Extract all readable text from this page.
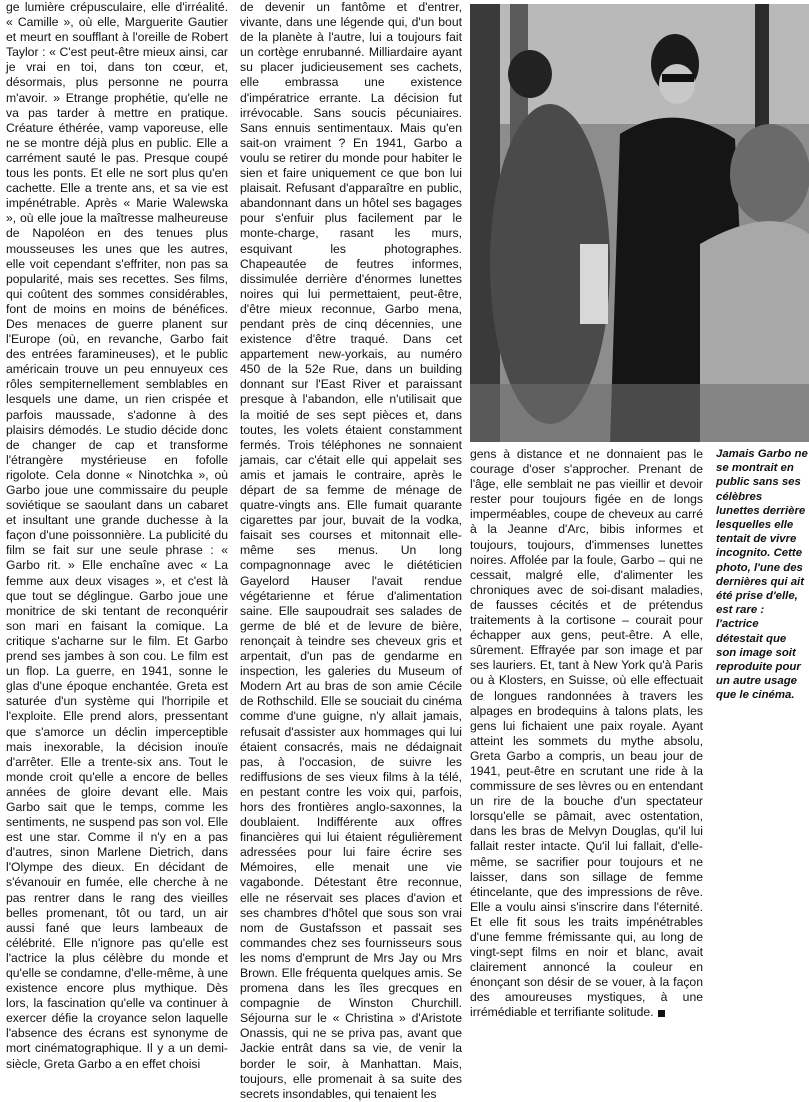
ge lumière crépusculaire, elle d'irréalité. « Camille », où elle, Marguerite Gautier et meurt en soufflant à l'oreille de Robert Taylor : « C'est peut-être mieux ainsi, car je vrai en toi, dans ton cœur, et, désormais, plus personne ne pourra m'avoir. » Etrange prophétie, qu'elle ne va pas tarder à mettre en pratique. Créature éthérée, vamp vaporeuse, elle ne se montre déjà plus en public. Elle a carrément sauté le pas. Presque coupé tous les ponts. Et elle ne sort plus qu'en cachette. Elle a trente ans, et sa vie est impénétrable. Après « Marie Walewska », où elle joue la maîtresse malheureuse de Napoléon en des tenues plus mousseuses les unes que les autres, elle voit cependant s'effriter, non pas sa popularité, mais ses recettes. Ses films, qui coûtent des sommes considérables, font de moins en moins de bénéfices. Des menaces de guerre planent sur l'Europe (où, en revanche, Garbo fait des entrées faramineuses), et le public américain trouve un peu ennuyeux ces rôles sempiternellement semblables en lesquels une dame, un rien crispée et parfois maussade, s'adonne à des plaisirs démodés. Le studio décide donc de changer de cap et transforme l'étrangère mystérieuse en fofolle rigolote. Cela donne « Ninotchka », où Garbo joue une commissaire du peuple soviétique se saoulant dans un cabaret et insultant une grande duchesse à la façon d'une poissonnière. La publicité du film se fait sur une seule phrase : « Garbo rit. » Elle enchaîne avec « La femme aux deux visages », et c'est là que tout se déglingue. Garbo joue une monitrice de ski tentant de reconquérir son mari en faisant la comique. La critique s'acharne sur le film. Et Garbo prend ses jambes à son cou. Le film est un flop. La guerre, en 1941, sonne le glas d'une époque enchantée. Greta est saturée d'un système qui l'horripile et l'exploite. Elle prend alors, pressentant que s'amorce un déclin imperceptible mais inexorable, la décision inouïe d'arrêter. Elle a trente-six ans. Tout le monde croit qu'elle a encore de belles années de gloire devant elle. Mais Garbo sait que le temps, comme les sentiments, ne suspend pas son vol. Elle est une star. Comme il n'y en a pas d'autres, sinon Marlene Dietrich, dans l'Olympe des dieux. En décidant de s'évanouir en fumée, elle cherche à ne pas rentrer dans le rang des vieilles belles promenant, tôt ou tard, un air aussi fané que leurs lambeaux de célébrité. Elle n'ignore pas qu'elle est l'actrice la plus célèbre du monde et qu'elle se condamne, d'elle-même, à une existence encore plus mythique. Dès lors, la fascination qu'elle va continuer à exercer défie la croyance selon laquelle l'absence des écrans est synonyme de mort cinématographique. Il y a un demi-siècle, Greta Garbo a en effet choisi

de devenir un fantôme et d'entrer, vivante, dans une légende qui, d'un bout de la planète à l'autre, lui a toujours fait un cortège enrubanné. Milliardaire ayant su placer judicieusement ses cachets, elle embrassa une existence d'impératrice errante. La décision fut irrévocable. Sans soucis pécuniaires. Sans ennuis sentimentaux. Mais qu'en sait-on vraiment ? En 1941, Garbo a voulu se retirer du monde pour habiter le sien et faire uniquement ce que bon lui plaisait. Refusant d'apparaître en public, abandonnant dans un hôtel ses bagages pour s'enfuir plus facilement par le monte-charge, rasant les murs, esquivant les photographes. Chapeautée de feutres informes, dissimulée derrière d'énormes lunettes noires qui lui permettaient, peut-être, d'être mieux reconnue, Garbo mena, pendant près de cinq décennies, une existence d'être traqué. Dans cet appartement new-yorkais, au numéro 450 de la 52e Rue, dans un building donnant sur l'East River et paraissant presque à l'abandon, elle n'utilisait que la moitié de ses sept pièces et, dans toutes, les volets étaient constamment fermés. Trois téléphones ne sonnaient jamais, car c'était elle qui appelait ses amis et jamais le contraire, après le départ de sa femme de ménage de quatre-vingts ans. Elle fumait quarante cigarettes par jour, buvait de la vodka, faisait ses courses et mitonnait elle-même ses menus. Un long compagnonnage avec le diététicien Gayelord Hauser l'avait rendue végétarienne et férue d'alimentation saine. Elle saupoudrait ses salades de germe de blé et de levure de bière, renonçait à teindre ses cheveux gris et arpentait, d'un pas de gendarme en inspection, les galeries du Museum of Modern Art au bras de son amie Cécile de Rothschild. Elle se souciait du cinéma comme d'une guigne, n'y allait jamais, refusait d'assister aux hommages qui lui étaient consacrés, mais ne dédaignait pas, à l'occasion, de suivre les rediffusions de ses vieux films à la télé, en pestant contre les voix qui, parfois, hors des frontières anglo-saxonnes, la doublaient. Indifférente aux offres financières qui lui étaient régulièrement adressées pour lui faire écrire ses Mémoires, elle menait une vie vagabonde. Détestant être reconnue, elle ne réservait ses places d'avion et ses chambres d'hôtel que sous son vrai nom de Gustafsson et passait ses commandes chez ses fournisseurs sous les noms d'emprunt de Mrs Jay ou Mrs Brown. Elle fréquenta quelques amis. Se promena dans les îles grecques en compagnie de Winston Churchill. Séjourna sur le « Christina » d'Aristote Onassis, qui ne se priva pas, avant que Jackie entrât dans sa vie, de venir la border le soir, à Manhattan. Mais, toujours, elle promenait à sa suite des secrets insondables, qui tenaient les

gens à distance et ne donnaient pas le courage d'oser s'approcher. Prenant de l'âge, elle semblait ne pas vieillir et devoir rester pour toujours figée en de longs imperméables, coupe de cheveux au carré à la Jeanne d'Arc, bibis informes et toujours, toujours, d'immenses lunettes noires. Affolée par la foule, Garbo – qui ne cessait, malgré elle, d'alimenter les chroniques avec de soi-disant maladies, de fausses cécités et de prétendus traitements à la cortisone – courait pour échapper aux gens, peut-être. A elle, sûrement. Effrayée par son image et par ses lauriers. Et, tant à New York qu'à Paris ou à Klosters, en Suisse, où elle effectuait de longues randonnées à travers les alpages en brodequins à talons plats, les gens lui fichaient une paix royale. Ayant atteint les sommets du mythe absolu, Greta Garbo a compris, un beau jour de 1941, peut-être en scrutant une ride à la commissure de ses lèvres ou en entendant un rire de la bouche d'un spectateur lorsqu'elle se pâmait, avec ostentation, dans les bras de Melvyn Douglas, qu'il lui fallait rester intacte. Qu'il lui fallait, d'elle-même, se sacrifier pour toujours et ne laisser, dans son sillage de femme étincelante, que des impressions de rêve. Elle a voulu ainsi s'inscrire dans l'éternité. Et elle fit sous les traits impénétrables d'une femme frémissante qui, au long de vingt-sept films en noir et blanc, avait clairement annoncé la couleur en énonçant son désir de se vouer, à la façon des amoureuses mystiques, à une irrémédiable et terrifiante solitude.

Jamais Garbo ne se montrait en public sans ses célèbres lunettes derrière lesquelles elle tentait de vivre incognito. Cette photo, l'une des dernières qui ait été prise d'elle, est rare : l'actrice détestait que son image soit reproduite pour un autre usage que le cinéma.
